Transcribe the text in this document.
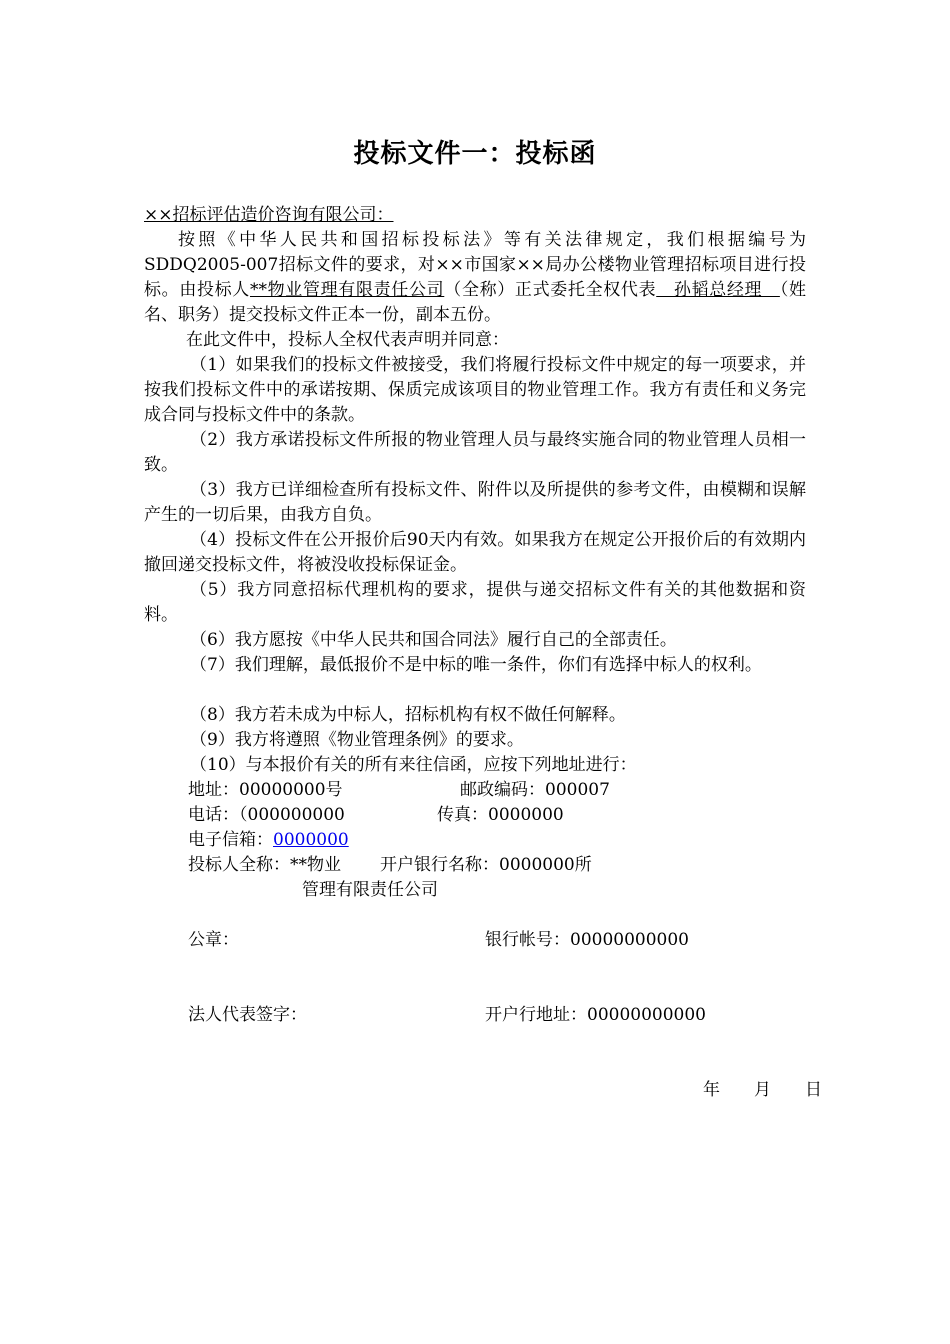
投标文件一：投标函
××招标评估造价咨询有限公司：
按照《中华人民共和国招标投标法》等有关法律规定，我们根据编号为SDDQ2005-007招标文件的要求，对××市国家××局办公楼物业管理招标项目进行投标。由投标人**物业管理有限责任公司（全称）正式委托全权代表　孙韬总经理　（姓名、职务）提交投标文件正本一份，副本五份。
在此文件中，投标人全权代表声明并同意：
（1）如果我们的投标文件被接受，我们将履行投标文件中规定的每一项要求，并按我们投标文件中的承诺按期、保质完成该项目的物业管理工作。我方有责任和义务完成合同与投标文件中的条款。
（2）我方承诺投标文件所报的物业管理人员与最终实施合同的物业管理人员相一致。
（3）我方已详细检查所有投标文件、附件以及所提供的参考文件，由模糊和误解产生的一切后果，由我方自负。
（4）投标文件在公开报价后90天内有效。如果我方在规定公开报价后的有效期内撤回递交投标文件，将被没收投标保证金。
（5）我方同意招标代理机构的要求，提供与递交招标文件有关的其他数据和资料。
（6）我方愿按《中华人民共和国合同法》履行自己的全部责任。
（7）我们理解，最低报价不是中标的唯一条件，你们有选择中标人的权利。
（8）我方若未成为中标人，招标机构有权不做任何解释。
（9）我方将遵照《物业管理条例》的要求。
（10）与本报价有关的所有来往信函，应按下列地址进行：
地址：00000000号	邮政编码：000007
电话：（000000000	传真：0000000
电子信箱：0000000
投标人全称：**物业 开户银行名称：0000000所
管理有限责任公司
公章：	银行帐号：00000000000
法人代表签字：	开户行地址：00000000000
年　　月　　日
